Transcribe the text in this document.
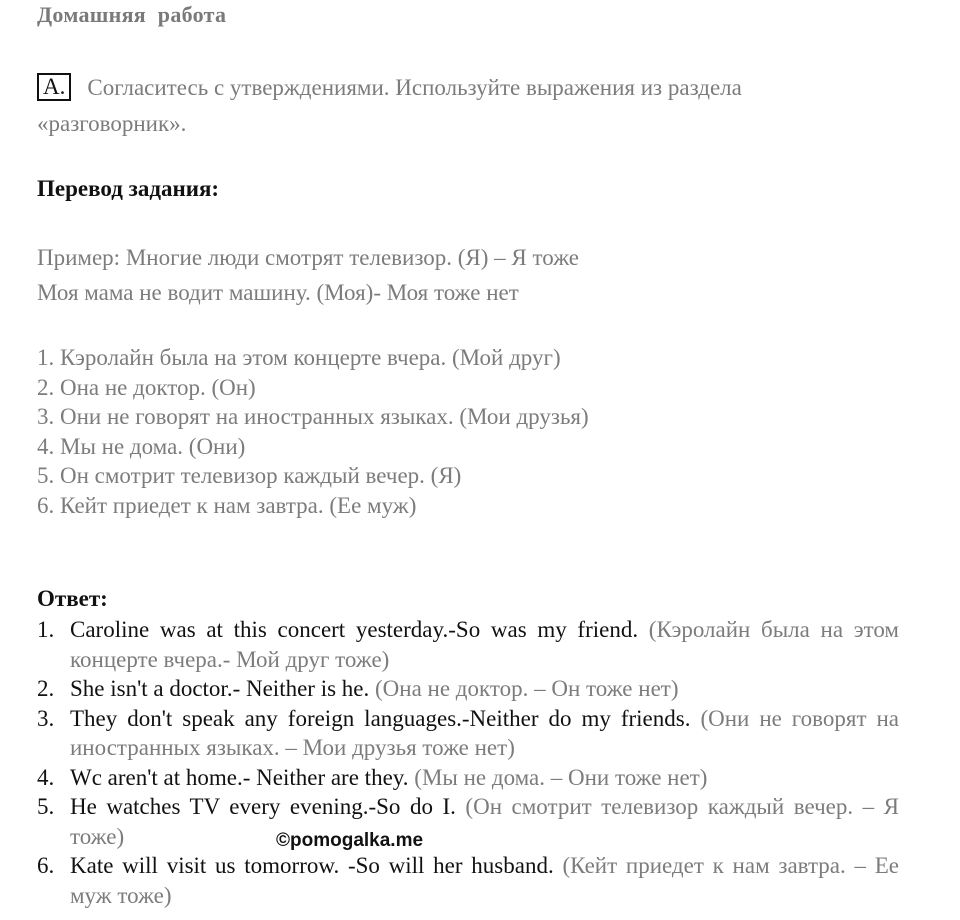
Домашняя работа
A. Согласитесь с утверждениями. Используйте выражения из раздела «разговорник».
Перевод задания:
Пример: Многие люди смотрят телевизор. (Я) – Я тоже
Моя мама не водит машину. (Моя)- Моя тоже нет
1. Кэролайн была на этом концерте вчера. (Мой друг)
2. Она не доктор. (Он)
3. Они не говорят на иностранных языках. (Мои друзья)
4. Мы не дома. (Они)
5. Он смотрит телевизор каждый вечер. (Я)
6. Кейт приедет к нам завтра. (Ее муж)
Ответ:
1. Caroline was at this concert yesterday.-So was my friend. (Кэролайн была на этом концерте вчера.- Мой друг тоже)
2. She isn't a doctor.- Neither is he. (Она не доктор. – Он тоже нет)
3. They don't speak any foreign languages.-Neither do my friends. (Они не говорят на иностранных языках. – Мои друзья тоже нет)
4. Wc aren't at home.- Neither are they. (Мы не дома. – Они тоже нет)
5. He watches TV every evening.-So do I. (Он смотрит телевизор каждый вечер. – Я тоже)
6. Kate will visit us tomorrow. -So will her husband. (Кейт приедет к нам завтра. – Ее муж тоже)
©pomogalka.me
